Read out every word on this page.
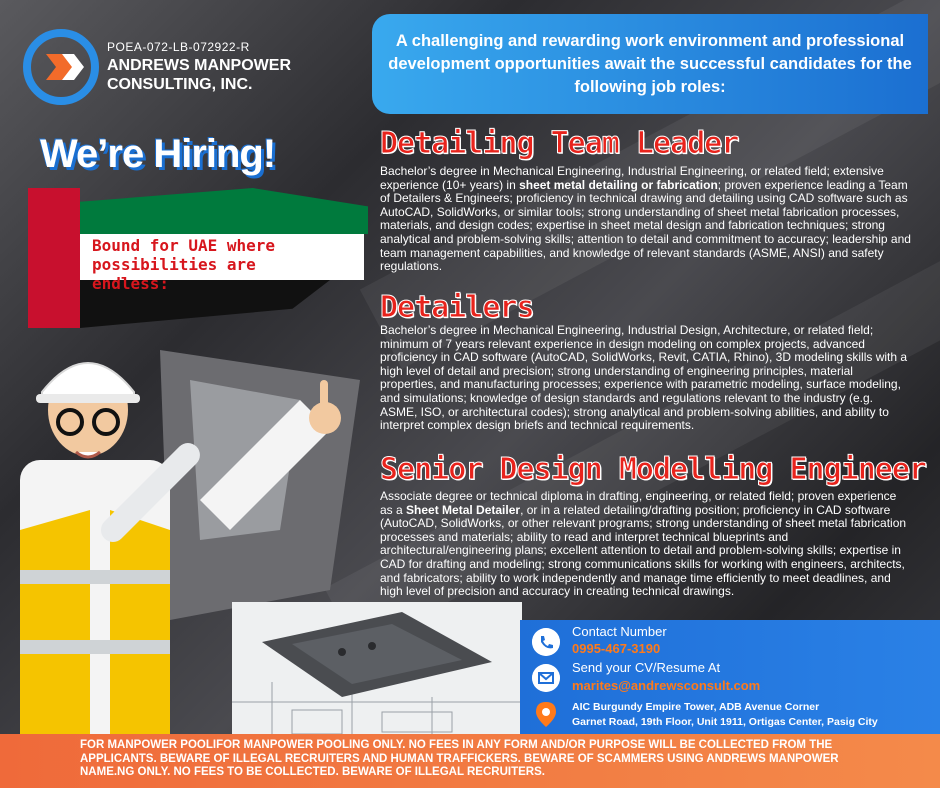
POEA-072-LB-072922-R
ANDREWS MANPOWER
CONSULTING, INC.
A challenging and rewarding work environment and professional development opportunities await the successful candidates for the following job roles:
We’re Hiring!
Bound for UAE where possibilities are endless:
Detailing Team Leader
Bachelor’s degree in Mechanical Engineering, Industrial Engineering, or related field; extensive experience (10+ years) in sheet metal detailing or fabrication; proven experience leading a Team of Detailers & Engineers; proficiency in technical drawing and detailing using CAD software such as AutoCAD, SolidWorks, or similar tools; strong understanding of sheet metal fabrication processes, materials, and design codes; expertise in sheet metal design and fabrication techniques; strong analytical and problem-solving skills; attention to detail and commitment to accuracy; leadership and team management capabilities, and knowledge of relevant standards (ASME, ANSI) and safety regulations.
Detailers
Bachelor’s degree in Mechanical Engineering, Industrial Design, Architecture, or related field; minimum of 7 years relevant experience in design modeling on complex projects, advanced proficiency in CAD software (AutoCAD, SolidWorks, Revit, CATIA, Rhino), 3D modeling skills with a high level of detail and precision; strong understanding of engineering principles, material properties, and manufacturing processes; experience with parametric modeling, surface modeling, and simulations; knowledge of design standards and regulations relevant to the industry (e.g. ASME, ISO, or architectural codes); strong analytical and problem-solving abilities, and ability to interpret complex design briefs and technical requirements.
Senior Design Modelling Engineer
Associate degree or technical diploma in drafting, engineering, or related field; proven experience as a Sheet Metal Detailer, or in a related detailing/drafting position; proficiency in CAD software (AutoCAD, SolidWorks, or other relevant programs; strong understanding of sheet metal fabrication processes and materials; ability to read and interpret technical blueprints and architectural/engineering plans; excellent attention to detail and problem-solving skills; expertise in CAD for drafting and modeling; strong communications skills for working with engineers, architects, and fabricators; ability to work independently and manage time efficiently to meet deadlines, and high level of precision and accuracy in creating technical drawings.
Contact Number
0995-467-3190
Send your CV/Resume At
marites@andrewsconsult.com
AIC Burgundy Empire Tower, ADB Avenue Corner
Garnet Road, 19th Floor, Unit 1911, Ortigas Center, Pasig City
FOR MANPOWER POOLIFOR MANPOWER POOLING ONLY. NO FEES IN ANY FORM AND/OR PURPOSE WILL BE COLLECTED FROM THE APPLICANTS. BEWARE OF ILLEGAL RECRUITERS AND HUMAN TRAFFICKERS. BEWARE OF SCAMMERS USING ANDREWS MANPOWER NAME.NG ONLY. NO FEES TO BE COLLECTED. BEWARE OF ILLEGAL RECRUITERS.
